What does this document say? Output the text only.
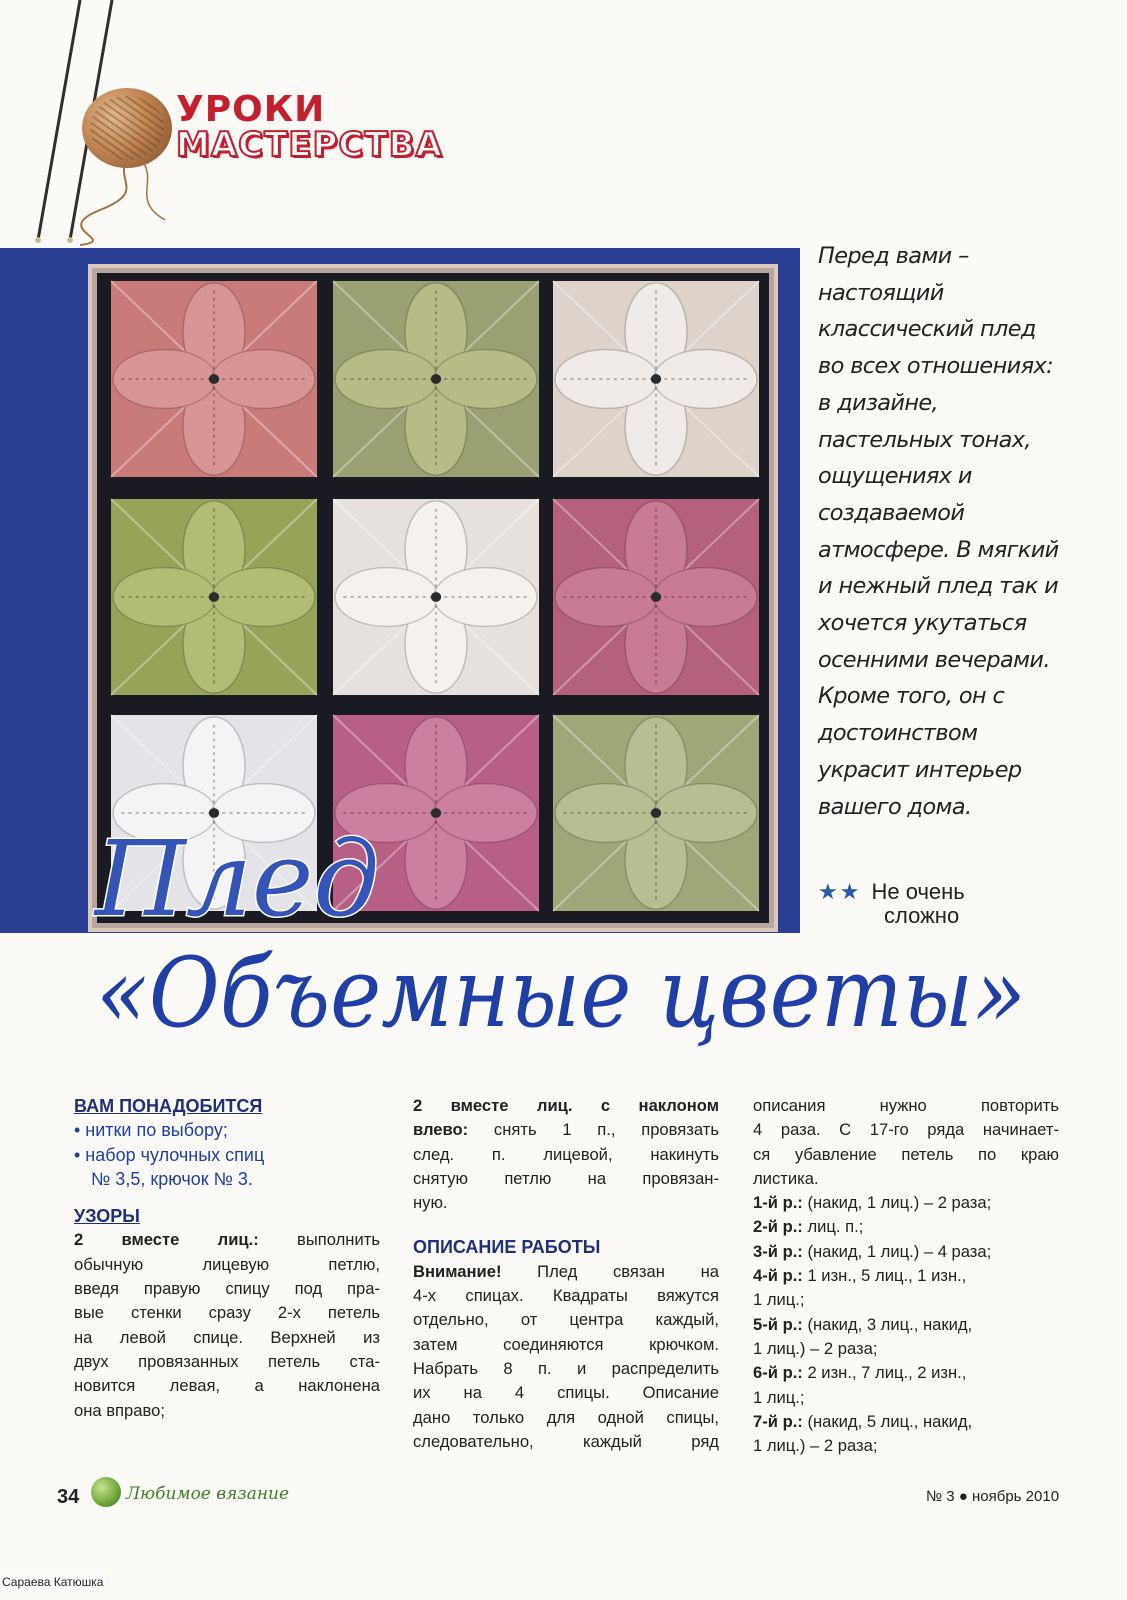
УРОКИ
МАСТЕРСТВА
Плед
Перед вами –
настоящий
классический плед
во всех отношениях:
в дизайне,
пастельных тонах,
ощущениях и
создаваемой
атмосфере. В мягкий
и нежный плед так и
хочется укутаться
осенними вечерами.
Кроме того, он с
достоинством
украсит интерьер
вашего дома.
★★ Не очень
сложно
«Объемные цветы»

ВАМ ПОНАДОБИТСЯ

• нитки по выбору;

• набор чулочных спиц

№ 3,5, крючок № 3.

УЗОРЫ

2 вместе лиц.: выполнить

обычную лицевую петлю,

введя правую спицу под пра-

вые стенки сразу 2-х петель

на левой спице. Верхней из

двух провязанных петель ста-

новится левая, а наклонена

она вправо;

2 вместе лиц. с наклоном

влево: снять 1 п., провязать

след. п. лицевой, накинуть

снятую петлю на провязан-

ную.

ОПИСАНИЕ РАБОТЫ

Внимание! Плед связан на

4-х спицах. Квадраты вяжутся

отдельно, от центра каждый,

затем соединяются крючком.

Набрать 8 п. и распределить

их на 4 спицы. Описание

дано только для одной спицы,

следовательно, каждый ряд

описания нужно повторить

4 раза. С 17-го ряда начинает-

ся убавление петель по краю

листика.

1-й р.: (накид, 1 лиц.) – 2 раза;

2-й р.: лиц. п.;

3-й р.: (накид, 1 лиц.) – 4 раза;

4-й р.: 1 изн., 5 лиц., 1 изн.,

1 лиц.;

5-й р.: (накид, 3 лиц., накид,

1 лиц.) – 2 раза;

6-й р.: 2 изн., 7 лиц., 2 изн.,

1 лиц.;

7-й р.: (накид, 5 лиц., накид,

1 лиц.) – 2 раза;

34	Любимое вязание	№ 3 ● ноябрь 2010
Сараева Катюшка
